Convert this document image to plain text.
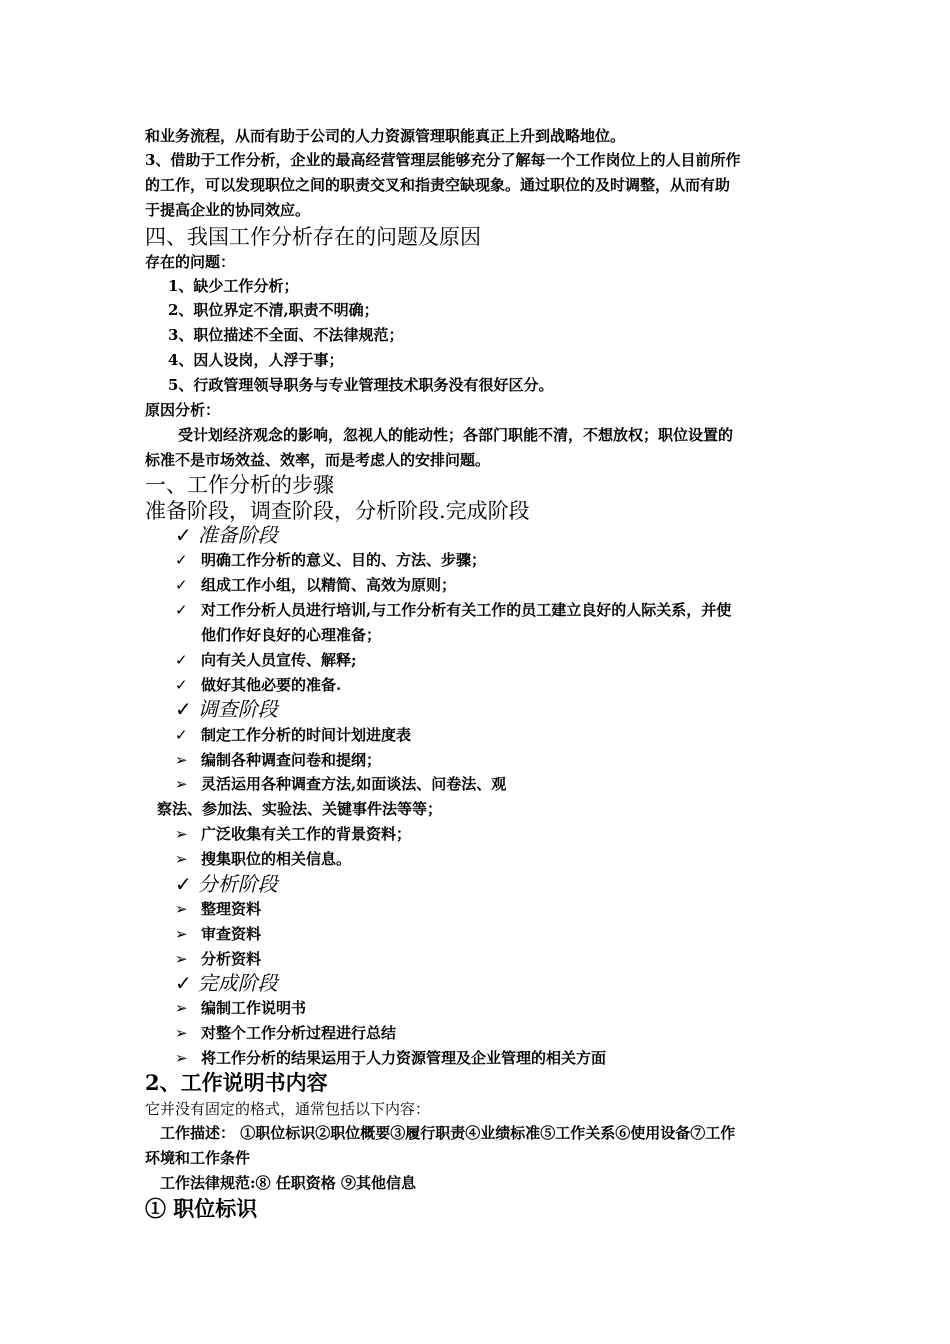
和业务流程，从而有助于公司的人力资源管理职能真正上升到战略地位。
3、借助于工作分析，企业的最高经营管理层能够充分了解每一个工作岗位上的人目前所作
的工作，可以发现职位之间的职责交叉和指责空缺现象。通过职位的及时调整，从而有助
于提高企业的协同效应。
四、我国工作分析存在的问题及原因
存在的问题：
1、缺少工作分析；
2、职位界定不清,职责不明确；
3、职位描述不全面、不法律规范；
4、因人设岗，人浮于事；
5、行政管理领导职务与专业管理技术职务没有很好区分。
原因分析：
受计划经济观念的影响，忽视人的能动性；各部门职能不清，不想放权；职位设置的
标准不是市场效益、效率，而是考虑人的安排问题。
一、工作分析的步骤
准备阶段，调查阶段，分析阶段.完成阶段
✓ 准备阶段
✓ 明确工作分析的意义、目的、方法、步骤；
✓ 组成工作小组，以精简、高效为原则；
✓ 对工作分析人员进行培训,与工作分析有关工作的员工建立良好的人际关系，并使
他们作好良好的心理准备；
✓ 向有关人员宣传、解释;
✓ 做好其他必要的准备.
✓ 调查阶段
✓ 制定工作分析的时间计划进度表
➢ 编制各种调查问卷和提纲；
➢ 灵活运用各种调查方法,如面谈法、问卷法、观
察法、参加法、实验法、关键事件法等等；
➢ 广泛收集有关工作的背景资料；
➢ 搜集职位的相关信息。
✓ 分析阶段
➢ 整理资料
➢ 审查资料
➢ 分析资料
✓ 完成阶段
➢ 编制工作说明书
➢ 对整个工作分析过程进行总结
➢ 将工作分析的结果运用于人力资源管理及企业管理的相关方面
2、工作说明书内容
它并没有固定的格式，通常包括以下内容：
工作描述： ①职位标识②职位概要③履行职责④业绩标准⑤工作关系⑥使用设备⑦工作
环境和工作条件
工作法律规范:⑧ 任职资格 ⑨其他信息
① 职位标识
